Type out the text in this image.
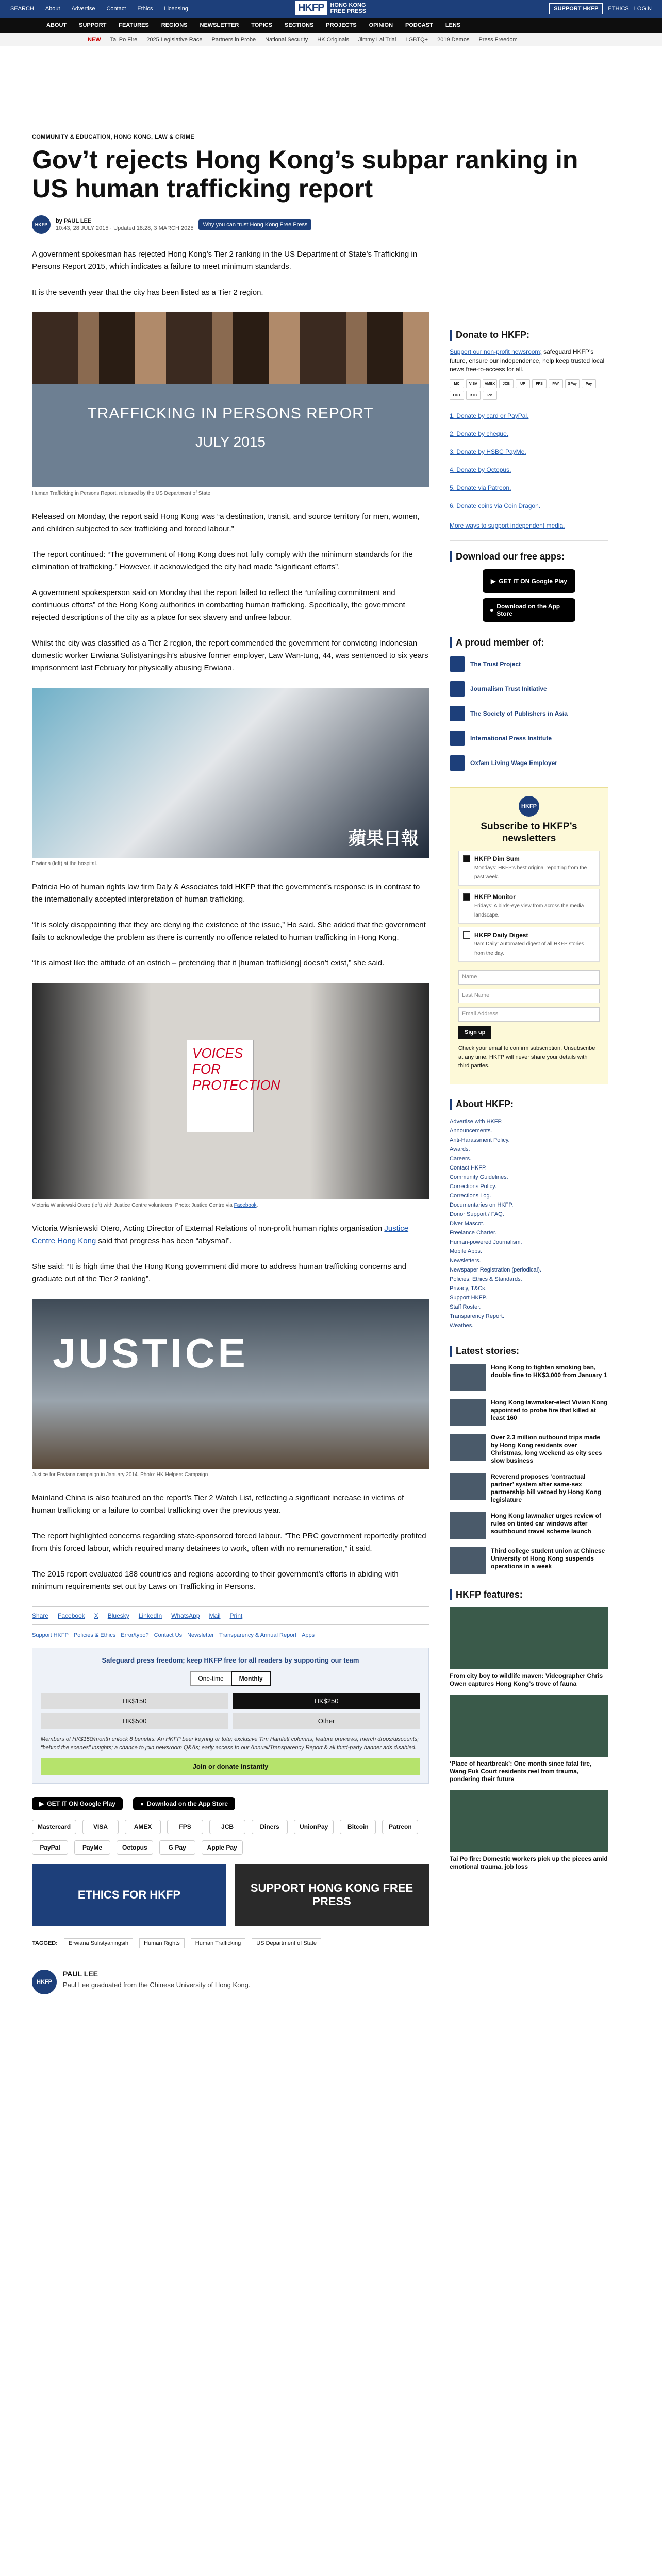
SEARCH About Advertise Contact Ethics Licensing	HKFP	HONG KONG
FREE PRESS	SUPPORT HKFP	ETHICS LOGIN
ABOUT SUPPORT FEATURES REGIONS NEWSLETTER TOPICS SECTIONS PROJECTS OPINION PODCAST LENS
NEW Tai Po Fire 2025 Legislative Race Partners in Probe National Security HK Originals Jimmy Lai Trial LGBTQ+ 2019 Demos Press Freedom
COMMUNITY & EDUCATION, HONG KONG, LAW & CRIME
Gov’t rejects Hong Kong’s subpar ranking in US human trafficking report
HKFP
by PAUL LEE
10:43, 28 JULY 2015 · Updated 18:28, 3 MARCH 2025
Why you can trust Hong Kong Free Press

A government spokesman has rejected Hong Kong’s Tier 2 ranking in the US Department of State’s Trafficking in Persons Report 2015, which indicates a failure to meet minimum standards.

It is the seventh year that the city has been listed as a Tier 2 region.

TRAFFICKING IN PERSONS REPORT
JULY 2015
Human Trafficking in Persons Report, released by the US Department of State.

Released on Monday, the report said Hong Kong was “a destination, transit, and source territory for men, women, and children subjected to sex trafficking and forced labour.”

The report continued: “The government of Hong Kong does not fully comply with the minimum standards for the elimination of trafficking.” However, it acknowledged the city had made “significant efforts”.

A government spokesperson said on Monday that the report failed to reflect the “unfailing commitment and continuous efforts” of the Hong Kong authorities in combatting human trafficking. Specifically, the government rejected descriptions of the city as a place for sex slavery and unfree labour.

Whilst the city was classified as a Tier 2 region, the report commended the government for convicting Indonesian domestic worker Erwiana Sulistyaningsih’s abusive former employer, Law Wan-tung, 44, was sentenced to six years imprisonment last February for physically abusing Erwiana.

蘋果日報
Erwiana (left) at the hospital.

Patricia Ho of human rights law firm Daly & Associates told HKFP that the government’s response is in contrast to the internationally accepted interpretation of human trafficking.

“It is solely disappointing that they are denying the existence of the issue,” Ho said. She added that the government fails to acknowledge the problem as there is currently no offence related to human trafficking in Hong Kong.

“It is almost like the attitude of an ostrich – pretending that it [human trafficking] doesn’t exist,” she said.

VOICES FOR PROTECTION
Victoria Wisniewski Otero (left) with Justice Centre volunteers. Photo: Justice Centre via Facebook.

Victoria Wisniewski Otero, Acting Director of External Relations of non-profit human rights organisation Justice Centre Hong Kong said that progress has been “abysmal”.

She said: “It is high time that the Hong Kong government did more to address human trafficking concerns and graduate out of the Tier 2 ranking”.

JUSTICE
Justice for Erwiana campaign in January 2014. Photo: HK Helpers Campaign

Mainland China is also featured on the report’s Tier 2 Watch List, reflecting a significant increase in victims of human trafficking or a failure to combat trafficking over the previous year.

The report highlighted concerns regarding state-sponsored forced labour. “The PRC government reportedly profited from this forced labour, which required many detainees to work, often with no remuneration,” it said.

The 2015 report evaluated 188 countries and regions according to their government’s efforts in abiding with minimum requirements set out by Laws on Trafficking in Persons.

Share Facebook X Bluesky LinkedIn WhatsApp Mail Print
Support HKFP Policies & Ethics Error/typo? Contact Us Newsletter Transparency & Annual Report Apps
Safeguard press freedom; keep HKFP free for all readers by supporting our team
One-time	Monthly
HK$150	HK$250
HK$500	Other
Members of HK$150/month unlock 8 benefits: An HKFP beer keyring or tote; exclusive Tim Hamlett columns; feature previews; merch drops/discounts; “behind the scenes” insights; a chance to join newsroom Q&As; early access to our Annual/Transparency Report & all third-party banner ads disabled.
Join or donate instantly
▶ GET IT ON Google Play	● Download on the App Store
Mastercard	VISA	AMEX	FPS	JCB	Diners	UnionPay	Bitcoin	Patreon
PayPal	PayMe	Octopus	G Pay	Apple Pay
ETHICS FOR HKFP
SUPPORT HONG KONG FREE PRESS
TAGGED:	Erwiana Sulistyaningsih	Human Rights	Human Trafficking	US Department of State
HKFP
PAUL LEE
Paul Lee graduated from the Chinese University of Hong Kong.
Donate to HKFP:

Support our non-profit newsroom; safeguard HKFP’s future, ensure our independence, help keep trusted local news free-to-access for all.

MC	VISA	AMEX	JCB	UP	FPS	PAY	GPay	Pay
OCT	BTC	PP
1. Donate by card or PayPal.
2. Donate by cheque.
3. Donate by HSBC PayMe.
4. Donate by Octopus.
5. Donate via Patreon.
6. Donate coins via Coin Dragon.

More ways to support independent media.

Download our free apps:
▶ GET IT ON Google Play
● Download on the App Store
A proud member of:
The Trust Project
Journalism Trust Initiative
The Society of Publishers in Asia
International Press Institute
Oxfam Living Wage Employer
HKFP
Subscribe to HKFP’s newsletters
HKFP Dim Sum
Mondays: HKFP’s best original reporting from the past week.
HKFP Monitor
Fridays: A birds-eye view from across the media landscape.
HKFP Daily Digest
9am Daily: Automated digest of all HKFP stories from the day.
Name
Last Name
Email Address
Sign up

Check your email to confirm subscription. Unsubscribe at any time. HKFP will never share your details with third parties.

About HKFP:
Advertise with HKFP.
Announcements.
Anti-Harassment Policy.
Awards.
Careers.
Contact HKFP.
Community Guidelines.
Corrections Policy.
Corrections Log.
Documentaries on HKFP.
Donor Support / FAQ.
Diver Mascot.
Freelance Charter.
Human-powered Journalism.
Mobile Apps.
Newsletters.
Newspaper Registration (periodical).
Policies, Ethics & Standards.
Privacy, T&Cs.
Support HKFP.
Staff Roster.
Transparency Report.
Weathes.
Latest stories:
Hong Kong to tighten smoking ban, double fine to HK$3,000 from January 1
Hong Kong lawmaker-elect Vivian Kong appointed to probe fire that killed at least 160
Over 2.3 million outbound trips made by Hong Kong residents over Christmas, long weekend as city sees slow business
Reverend proposes ‘contractual partner’ system after same-sex partnership bill vetoed by Hong Kong legislature
Hong Kong lawmaker urges review of rules on tinted car windows after southbound travel scheme launch
Third college student union at Chinese University of Hong Kong suspends operations in a week
HKFP features:
From city boy to wildlife maven: Videographer Chris Owen captures Hong Kong’s trove of fauna
‘Place of heartbreak’: One month since fatal fire, Wang Fuk Court residents reel from trauma, pondering their future
Tai Po fire: Domestic workers pick up the pieces amid emotional trauma, job loss
